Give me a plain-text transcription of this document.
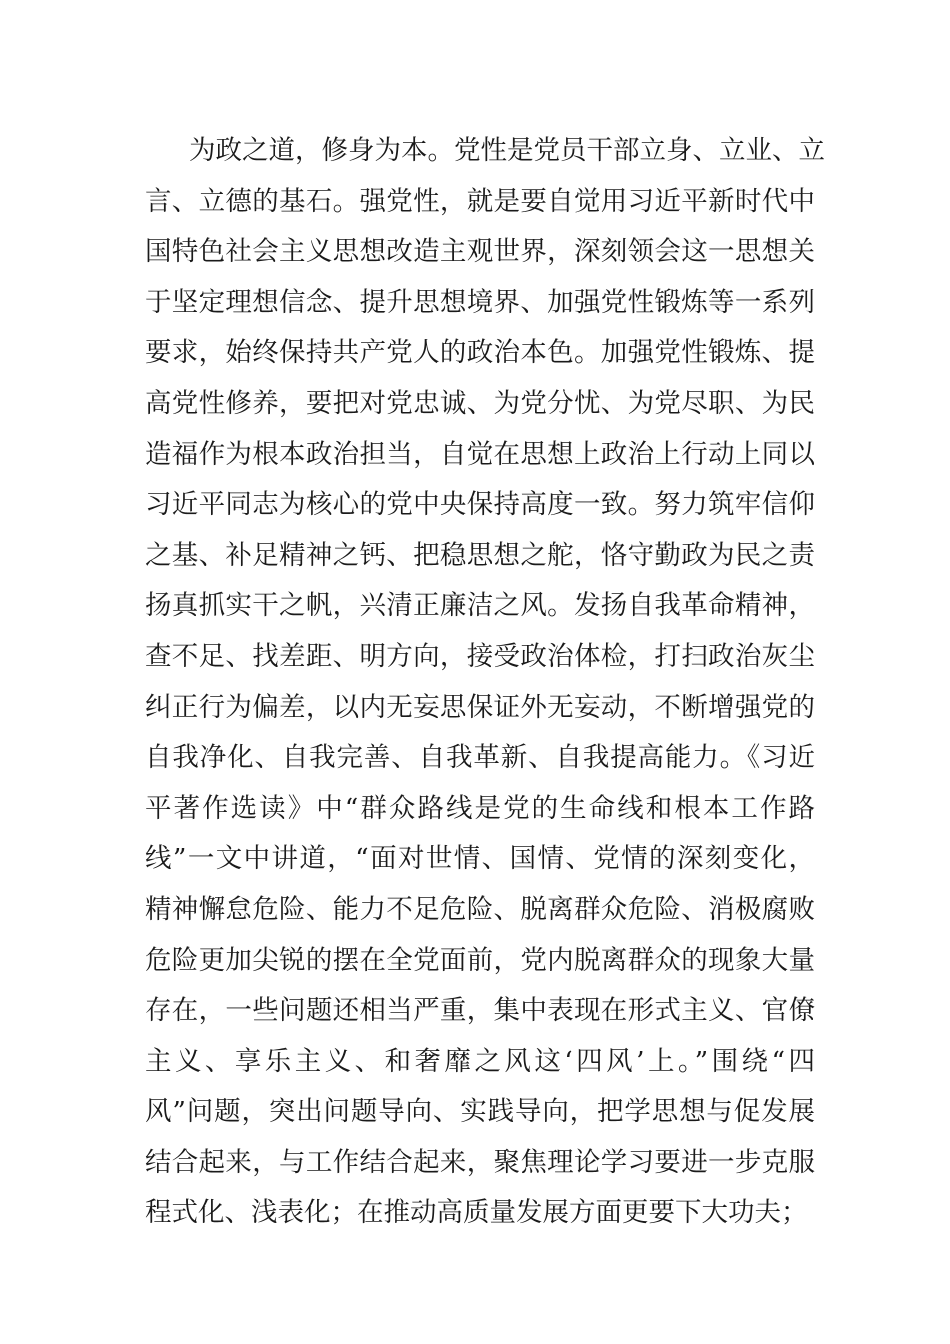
为政之道，修身为本。党性是党员干部立身、立业、立
言、立德的基石。强党性，就是要自觉用习近平新时代中
国特色社会主义思想改造主观世界，深刻领会这一思想关
于坚定理想信念、提升思想境界、加强党性锻炼等一系列
要求，始终保持共产党人的政治本色。加强党性锻炼、提
高党性修养，要把对党忠诚、为党分忧、为党尽职、为民
造福作为根本政治担当，自觉在思想上政治上行动上同以
习近平同志为核心的党中央保持高度一致。努力筑牢信仰
之基、补足精神之钙、把稳思想之舵，恪守勤政为民之责
扬真抓实干之帆，兴清正廉洁之风。发扬自我革命精神，
查不足、找差距、明方向，接受政治体检，打扫政治灰尘
纠正行为偏差，以内无妄思保证外无妄动，不断增强党的
自我净化、自我完善、自我革新、自我提高能力。《习近
平著作选读》中“群众路线是党的生命线和根本工作路
线”一文中讲道，“面对世情、国情、党情的深刻变化，
精神懈怠危险、能力不足危险、脱离群众危险、消极腐败
危险更加尖锐的摆在全党面前，党内脱离群众的现象大量
存在，一些问题还相当严重，集中表现在形式主义、官僚
主义、享乐主义、和奢靡之风这‘四风’上。”围绕“四
风”问题，突出问题导向、实践导向，把学思想与促发展
结合起来，与工作结合起来，聚焦理论学习要进一步克服
程式化、浅表化；在推动高质量发展方面更要下大功夫；
